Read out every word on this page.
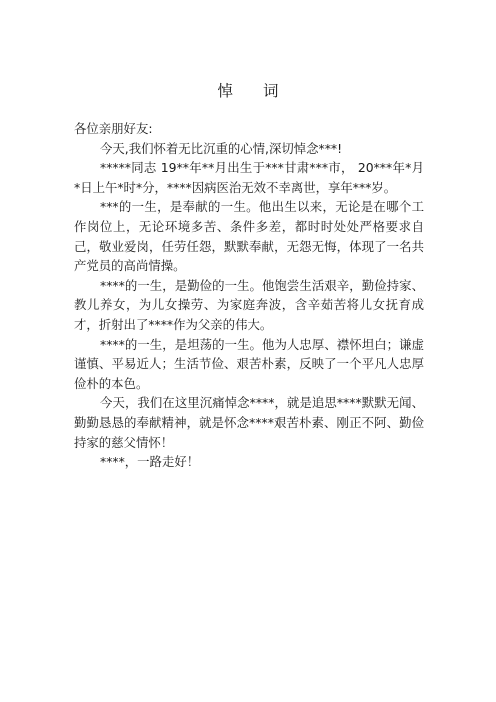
悼词

各位亲朋好友:

今天,我们怀着无比沉重的心情,深切悼念***!

*****同志 19**年**月出生于***甘肃***市， 20***年*月*日上午*时*分，****因病医治无效不幸离世，享年***岁。

***的一生，是奉献的一生。他出生以来，无论是在哪个工作岗位上，无论环境多苦、条件多差，都时时处处严格要求自己，敬业爱岗，任劳任怨，默默奉献，无怨无悔，体现了一名共产党员的高尚情操。

****的一生，是勤俭的一生。他饱尝生活艰辛，勤俭持家、教儿养女，为儿女操劳、为家庭奔波，含辛茹苦将儿女抚育成才，折射出了****作为父亲的伟大。

****的一生，是坦荡的一生。他为人忠厚、襟怀坦白；谦虚谨慎、平易近人；生活节俭、艰苦朴素，反映了一个平凡人忠厚俭朴的本色。

今天，我们在这里沉痛悼念****，就是追思****默默无闻、勤勤恳恳的奉献精神，就是怀念****艰苦朴素、刚正不阿、勤俭持家的慈父情怀！

****，一路走好！
